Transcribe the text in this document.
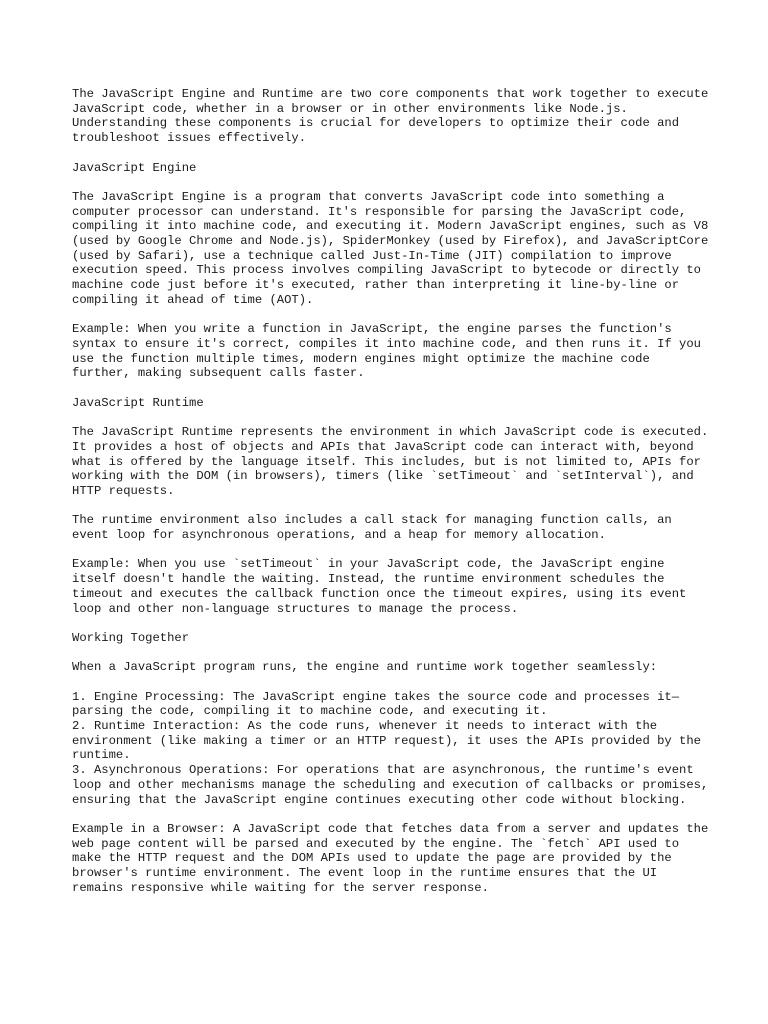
The JavaScript Engine and Runtime are two core components that work together to execute JavaScript code, whether in a browser or in other environments like Node.js. Understanding these components is crucial for developers to optimize their code and troubleshoot issues effectively.

JavaScript Engine

The JavaScript Engine is a program that converts JavaScript code into something a computer processor can understand. It's responsible for parsing the JavaScript code, compiling it into machine code, and executing it. Modern JavaScript engines, such as V8 (used by Google Chrome and Node.js), SpiderMonkey (used by Firefox), and JavaScriptCore (used by Safari), use a technique called Just-In-Time (JIT) compilation to improve execution speed. This process involves compiling JavaScript to bytecode or directly to machine code just before it's executed, rather than interpreting it line-by-line or compiling it ahead of time (AOT).

Example: When you write a function in JavaScript, the engine parses the function's syntax to ensure it's correct, compiles it into machine code, and then runs it. If you use the function multiple times, modern engines might optimize the machine code further, making subsequent calls faster.

JavaScript Runtime

The JavaScript Runtime represents the environment in which JavaScript code is executed. It provides a host of objects and APIs that JavaScript code can interact with, beyond what is offered by the language itself. This includes, but is not limited to, APIs for working with the DOM (in browsers), timers (like `setTimeout` and `setInterval`), and HTTP requests.

The runtime environment also includes a call stack for managing function calls, an event loop for asynchronous operations, and a heap for memory allocation.

Example: When you use `setTimeout` in your JavaScript code, the JavaScript engine itself doesn't handle the waiting. Instead, the runtime environment schedules the timeout and executes the callback function once the timeout expires, using its event loop and other non-language structures to manage the process.

Working Together

When a JavaScript program runs, the engine and runtime work together seamlessly:

1. Engine Processing: The JavaScript engine takes the source code and processes it—parsing the code, compiling it to machine code, and executing it.
2. Runtime Interaction: As the code runs, whenever it needs to interact with the environment (like making a timer or an HTTP request), it uses the APIs provided by the runtime.
3. Asynchronous Operations: For operations that are asynchronous, the runtime's event loop and other mechanisms manage the scheduling and execution of callbacks or promises, ensuring that the JavaScript engine continues executing other code without blocking.

Example in a Browser: A JavaScript code that fetches data from a server and updates the web page content will be parsed and executed by the engine. The `fetch` API used to make the HTTP request and the DOM APIs used to update the page are provided by the browser's runtime environment. The event loop in the runtime ensures that the UI remains responsive while waiting for the server response.
